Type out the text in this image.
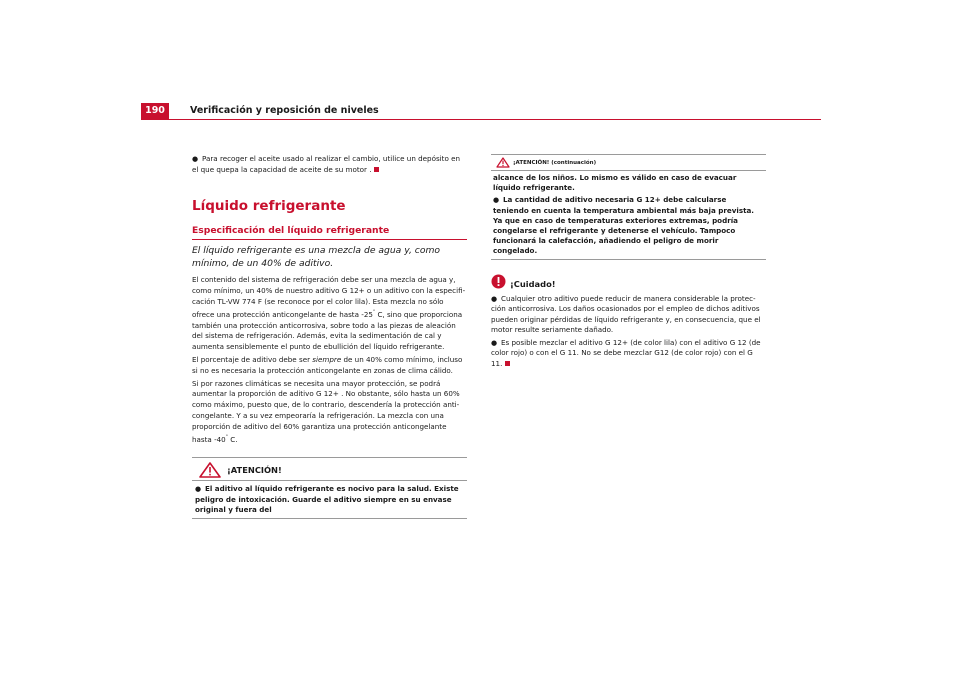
190	Verificación y reposición de niveles

● Para recoger el aceite usado al realizar el cambio, utilice un depósito en el que quepa la capacidad de aceite de su motor .

Líquido refrigerante
Especificación del líquido refrigerante
El líquido refrigerante es una mezcla de agua y, como mínimo, de un 40% de aditivo.

El contenido del sistema de refrigeración debe ser una mezcla de agua y, como mínimo, un 40% de nuestro aditivo G 12+ o un aditivo con la especificación TL-VW 774 F (se reconoce por el color lila). Esta mezcla no sólo ofrece una protección anticongelante de hasta -25° C, sino que proporciona también una protección anticorrosiva, sobre todo a las piezas de aleación del sistema de refrigeración. Además, evita la sedimentación de cal y aumenta sensiblemente el punto de ebullición del líquido refrigerante.

El porcentaje de aditivo debe ser siempre de un 40% como mínimo, incluso si no es necesaria la protección anticongelante en zonas de clima cálido.

Si por razones climáticas se necesita una mayor protección, se podrá aumentar la proporción de aditivo G 12+ . No obstante, sólo hasta un 60% como máximo, puesto que, de lo contrario, descendería la protección anticongelante. Y a su vez empeoraría la refrigeración. La mezcla con una proporción de aditivo del 60% garantiza una protección anticongelante hasta -40° C.

¡ATENCIÓN!

● El aditivo al líquido refrigerante es nocivo para la salud. Existe peligro de intoxicación. Guarde el aditivo siempre en su envase original y fuera del

¡ATENCIÓN! (continuación)

alcance de los niños. Lo mismo es válido en caso de evacuar líquido refrigerante.

● La cantidad de aditivo necesaria G 12+ debe calcularse teniendo en cuenta la temperatura ambiental más baja prevista. Ya que en caso de temperaturas exteriores extremas, podría congelarse el refrigerante y detenerse el vehículo. Tampoco funcionará la calefacción, añadiendo el peligro de morir congelado.

¡Cuidado!

● Cualquier otro aditivo puede reducir de manera considerable la protección anticorrosiva. Los daños ocasionados por el empleo de dichos aditivos pueden originar pérdidas de líquido refrigerante y, en consecuencia, que el motor resulte seriamente dañado.

● Es posible mezclar el aditivo G 12+ (de color lila) con el aditivo G 12 (de color rojo) o con el G 11. No se debe mezclar G12 (de color rojo) con el G 11.
